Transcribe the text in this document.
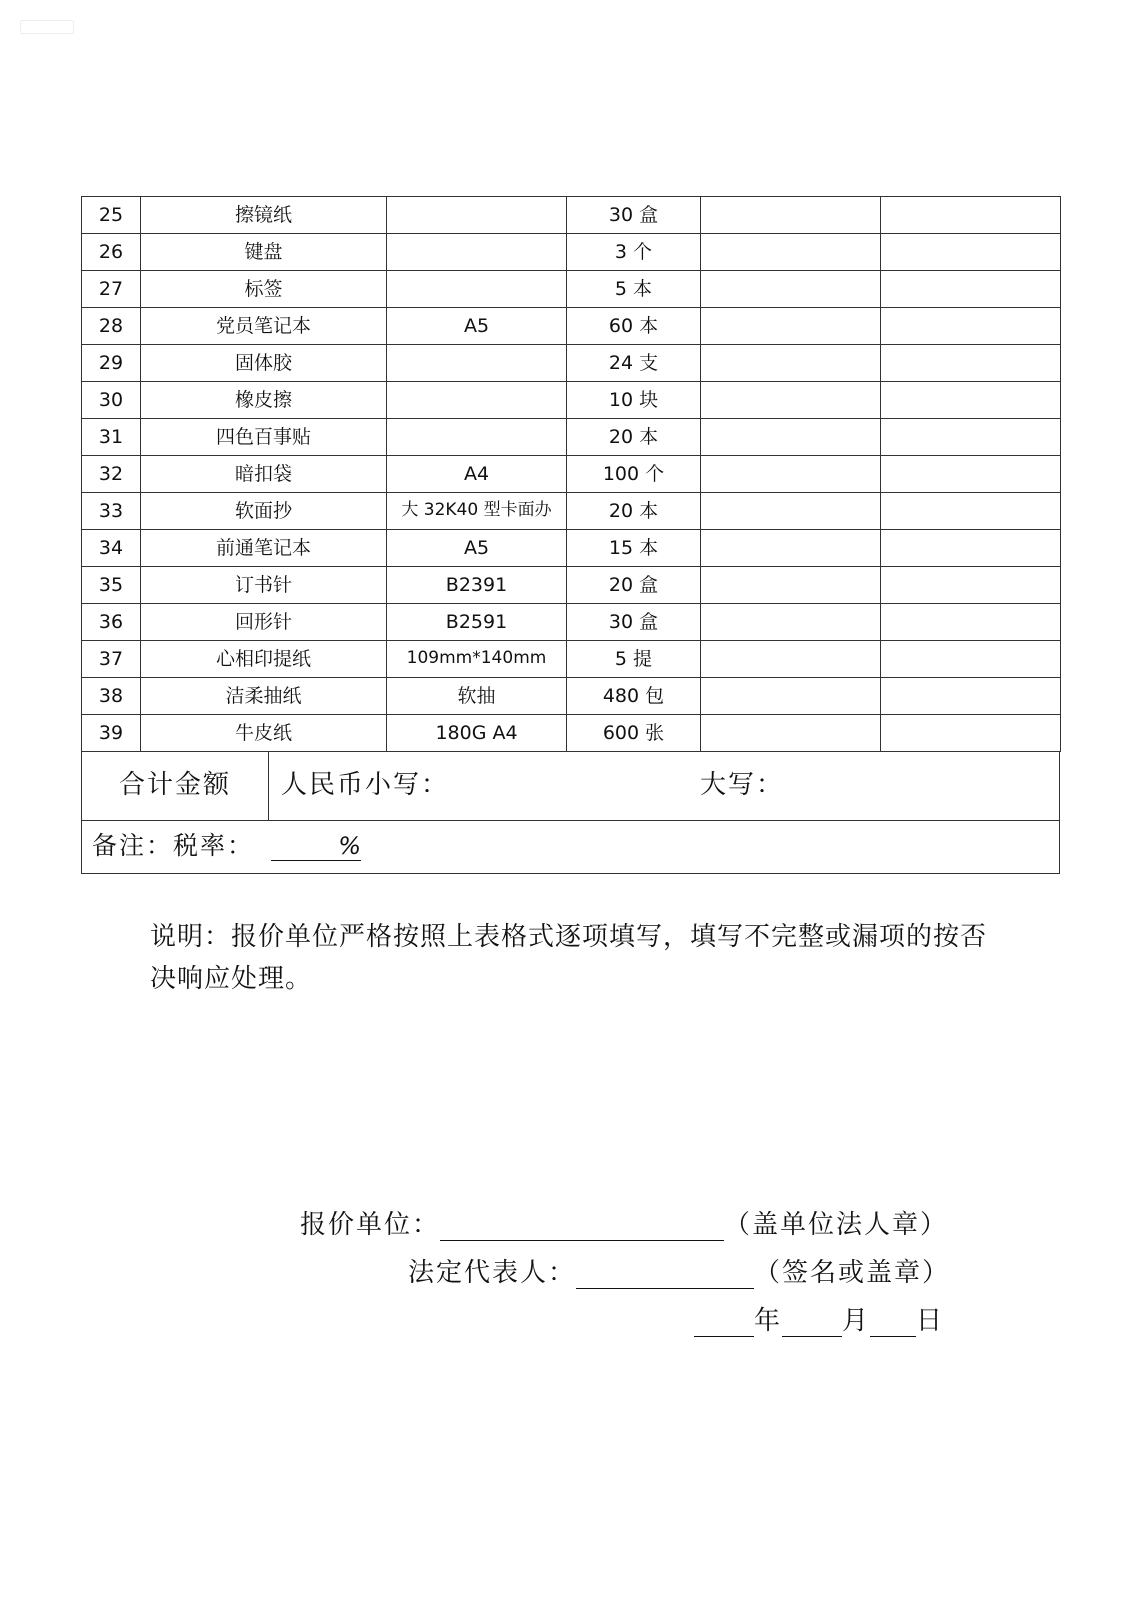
25	擦镜纸		30 盒		
26	键盘		3 个		
27	标签		5 本		
28	党员笔记本	A5	60 本		
29	固体胶		24 支		
30	橡皮擦		10 块		
31	四色百事贴		20 本		
32	暗扣袋	A4	100 个		
33	软面抄	大 32K40 型卡面办	20 本		
34	前通笔记本	A5	15 本		
35	订书针	B2391	20 盒		
36	回形针	B2591	30 盒		
37	心相印提纸	109mm*140mm	5 提		
38	洁柔抽纸	软抽	480 包		
39	牛皮纸	180G A4	600 张		
合计金额	人民币小写：	大写：
备注：税率：	%
说明：报价单位严格按照上表格式逐项填写，填写不完整或漏项的按否决响应处理。
报价单位：	（盖单位法人章）
法定代表人：	（签名或盖章）
年 月 日
